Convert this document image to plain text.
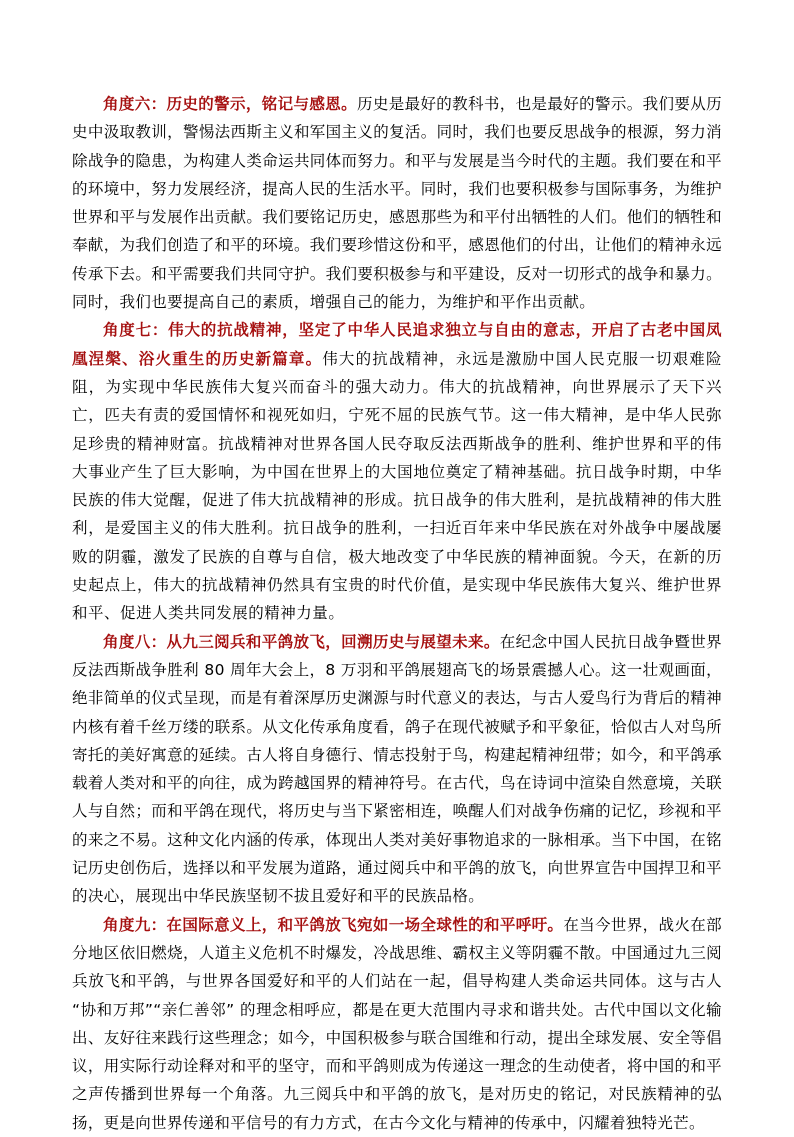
角度六：历史的警示，铭记与感恩。历史是最好的教科书，也是最好的警示。我们要从历史中汲取教训，警惕法西斯主义和军国主义的复活。同时，我们也要反思战争的根源，努力消除战争的隐患，为构建人类命运共同体而努力。和平与发展是当今时代的主题。我们要在和平的环境中，努力发展经济，提高人民的生活水平。同时，我们也要积极参与国际事务，为维护世界和平与发展作出贡献。我们要铭记历史，感恩那些为和平付出牺牲的人们。他们的牺牲和奉献，为我们创造了和平的环境。我们要珍惜这份和平，感恩他们的付出，让他们的精神永远传承下去。和平需要我们共同守护。我们要积极参与和平建设，反对一切形式的战争和暴力。同时，我们也要提高自己的素质，增强自己的能力，为维护和平作出贡献。

角度七：伟大的抗战精神，坚定了中华人民追求独立与自由的意志，开启了古老中国凤凰涅槃、浴火重生的历史新篇章。伟大的抗战精神，永远是激励中国人民克服一切艰难险阻，为实现中华民族伟大复兴而奋斗的强大动力。伟大的抗战精神，向世界展示了天下兴亡，匹夫有责的爱国情怀和视死如归，宁死不屈的民族气节。这一伟大精神，是中华人民弥足珍贵的精神财富。抗战精神对世界各国人民夺取反法西斯战争的胜利、维护世界和平的伟大事业产生了巨大影响，为中国在世界上的大国地位奠定了精神基础。抗日战争时期，中华民族的伟大觉醒，促进了伟大抗战精神的形成。抗日战争的伟大胜利，是抗战精神的伟大胜利，是爱国主义的伟大胜利。抗日战争的胜利，一扫近百年来中华民族在对外战争中屡战屡败的阴霾，激发了民族的自尊与自信，极大地改变了中华民族的精神面貌。今天，在新的历史起点上，伟大的抗战精神仍然具有宝贵的时代价值，是实现中华民族伟大复兴、维护世界和平、促进人类共同发展的精神力量。

角度八：从九三阅兵和平鸽放飞，回溯历史与展望未来。在纪念中国人民抗日战争暨世界反法西斯战争胜利 80 周年大会上，8 万羽和平鸽展翅高飞的场景震撼人心。这一壮观画面，绝非简单的仪式呈现，而是有着深厚历史渊源与时代意义的表达，与古人爱鸟行为背后的精神内核有着千丝万缕的联系。从文化传承角度看，鸽子在现代被赋予和平象征，恰似古人对鸟所寄托的美好寓意的延续。古人将自身德行、情志投射于鸟，构建起精神纽带；如今，和平鸽承载着人类对和平的向往，成为跨越国界的精神符号。在古代，鸟在诗词中渲染自然意境，关联人与自然；而和平鸽在现代，将历史与当下紧密相连，唤醒人们对战争伤痛的记忆，珍视和平的来之不易。这种文化内涵的传承，体现出人类对美好事物追求的一脉相承。当下中国，在铭记历史创伤后，选择以和平发展为道路，通过阅兵中和平鸽的放飞，向世界宣告中国捍卫和平的决心，展现出中华民族坚韧不拔且爱好和平的民族品格。

角度九：在国际意义上，和平鸽放飞宛如一场全球性的和平呼吁。在当今世界，战火在部分地区依旧燃烧，人道主义危机不时爆发，冷战思维、霸权主义等阴霾不散。中国通过九三阅兵放飞和平鸽，与世界各国爱好和平的人们站在一起，倡导构建人类命运共同体。这与古人 “协和万邦”“亲仁善邻” 的理念相呼应，都是在更大范围内寻求和谐共处。古代中国以文化输出、友好往来践行这些理念；如今，中国积极参与联合国维和行动，提出全球发展、安全等倡议，用实际行动诠释对和平的坚守，而和平鸽则成为传递这一理念的生动使者，将中国的和平之声传播到世界每一个角落。九三阅兵中和平鸽的放飞，是对历史的铭记，对民族精神的弘扬，更是向世界传递和平信号的有力方式，在古今文化与精神的传承中，闪耀着独特光芒。
